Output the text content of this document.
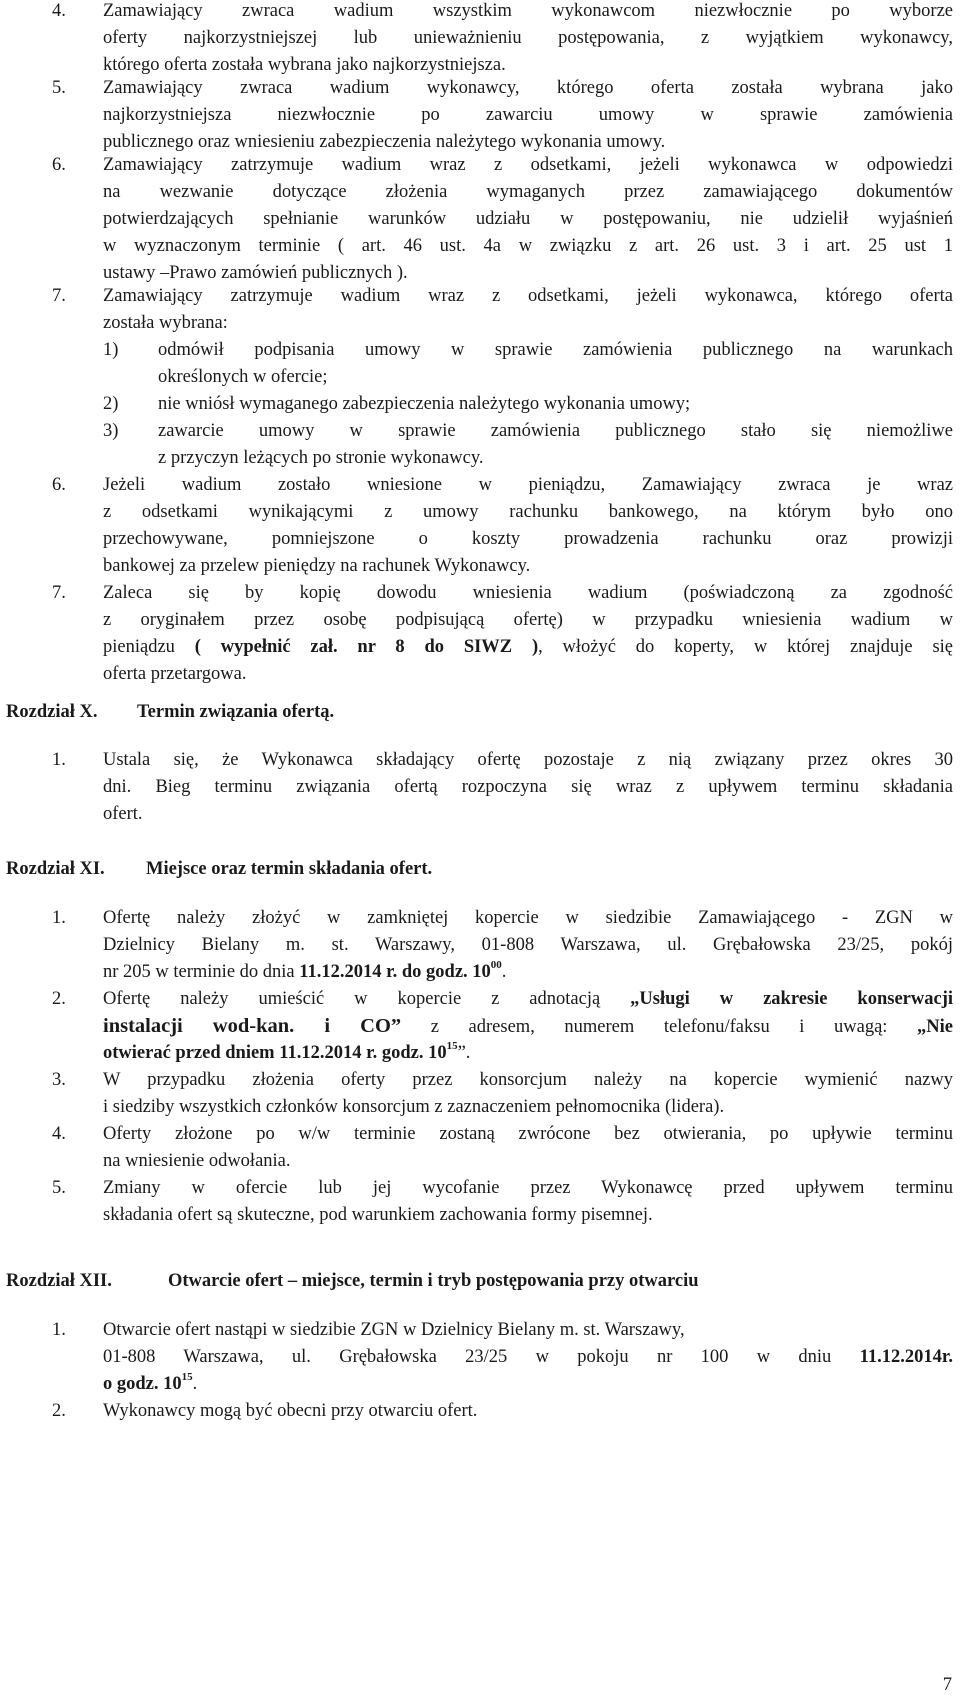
4. Zamawiający zwraca wadium wszystkim wykonawcom niezwłocznie po wyborze
oferty najkorzystniejszej lub unieważnieniu postępowania, z wyjątkiem wykonawcy,
którego oferta została wybrana jako najkorzystniejsza.
5. Zamawiający zwraca wadium wykonawcy, którego oferta została wybrana jako
najkorzystniejsza niezwłocznie po zawarciu umowy w sprawie zamówienia
publicznego oraz wniesieniu zabezpieczenia należytego wykonania umowy.
6. Zamawiający zatrzymuje wadium wraz z odsetkami, jeżeli wykonawca w odpowiedzi
na wezwanie dotyczące złożenia wymaganych przez zamawiającego dokumentów
potwierdzających spełnianie warunków udziału w postępowaniu, nie udzielił wyjaśnień
w wyznaczonym terminie ( art. 46 ust. 4a w związku z art. 26 ust. 3 i art. 25 ust 1
ustawy –Prawo zamówień publicznych ).
7. Zamawiający zatrzymuje wadium wraz z odsetkami, jeżeli wykonawca, którego oferta
została wybrana:
1) odmówił podpisania umowy w sprawie zamówienia publicznego na warunkach
określonych w ofercie;
2) nie wniósł wymaganego zabezpieczenia należytego wykonania umowy;
3) zawarcie umowy w sprawie zamówienia publicznego stało się niemożliwe
z przyczyn leżących po stronie wykonawcy.
6. Jeżeli wadium zostało wniesione w pieniądzu, Zamawiający zwraca je wraz
z odsetkami wynikającymi z umowy rachunku bankowego, na którym było ono
przechowywane, pomniejszone o koszty prowadzenia rachunku oraz prowizji
bankowej za przelew pieniędzy na rachunek Wykonawcy.
7. Zaleca się by kopię dowodu wniesienia wadium (poświadczoną za zgodność
z oryginałem przez osobę podpisującą ofertę) w przypadku wniesienia wadium w
pieniądzu ( wypełnić zał. nr 8 do SIWZ ), włożyć do koperty, w której znajduje się
oferta przetargowa.
Rozdział X. Termin związania ofertą.
1. Ustala się, że Wykonawca składający ofertę pozostaje z nią związany przez okres 30
dni. Bieg terminu związania ofertą rozpoczyna się wraz z upływem terminu składania
ofert.
Rozdział XI. Miejsce oraz termin składania ofert.
1. Ofertę należy złożyć w zamkniętej kopercie w siedzibie Zamawiającego - ZGN w
Dzielnicy Bielany m. st. Warszawy, 01-808 Warszawa, ul. Grębałowska 23/25, pokój
nr 205 w terminie do dnia 11.12.2014 r. do godz. $10^{00}$.
2. Ofertę należy umieścić w kopercie z adnotacją „Usługi w zakresie konserwacji
instalacji wod-kan. i CO” z adresem, numerem telefonu/faksu i uwagą: „Nie
otwierać przed dniem 11.12.2014 r. godz. $10^{15}$”.
3. W przypadku złożenia oferty przez konsorcjum należy na kopercie wymienić nazwy
i siedziby wszystkich członków konsorcjum z zaznaczeniem pełnomocnika (lidera).
4. Oferty złożone po w/w terminie zostaną zwrócone bez otwierania, po upływie terminu
na wniesienie odwołania.
5. Zmiany w ofercie lub jej wycofanie przez Wykonawcę przed upływem terminu
składania ofert są skuteczne, pod warunkiem zachowania formy pisemnej.
Rozdział XII.	Otwarcie ofert – miejsce, termin i tryb postępowania przy otwarciu
1. Otwarcie ofert nastąpi w siedzibie ZGN w Dzielnicy Bielany m. st. Warszawy,
01-808 Warszawa, ul. Grębałowska 23/25 w pokoju nr 100 w dniu 11.12.2014r.
o godz. $10^{15}$.
2. Wykonawcy mogą być obecni przy otwarciu ofert.
7
